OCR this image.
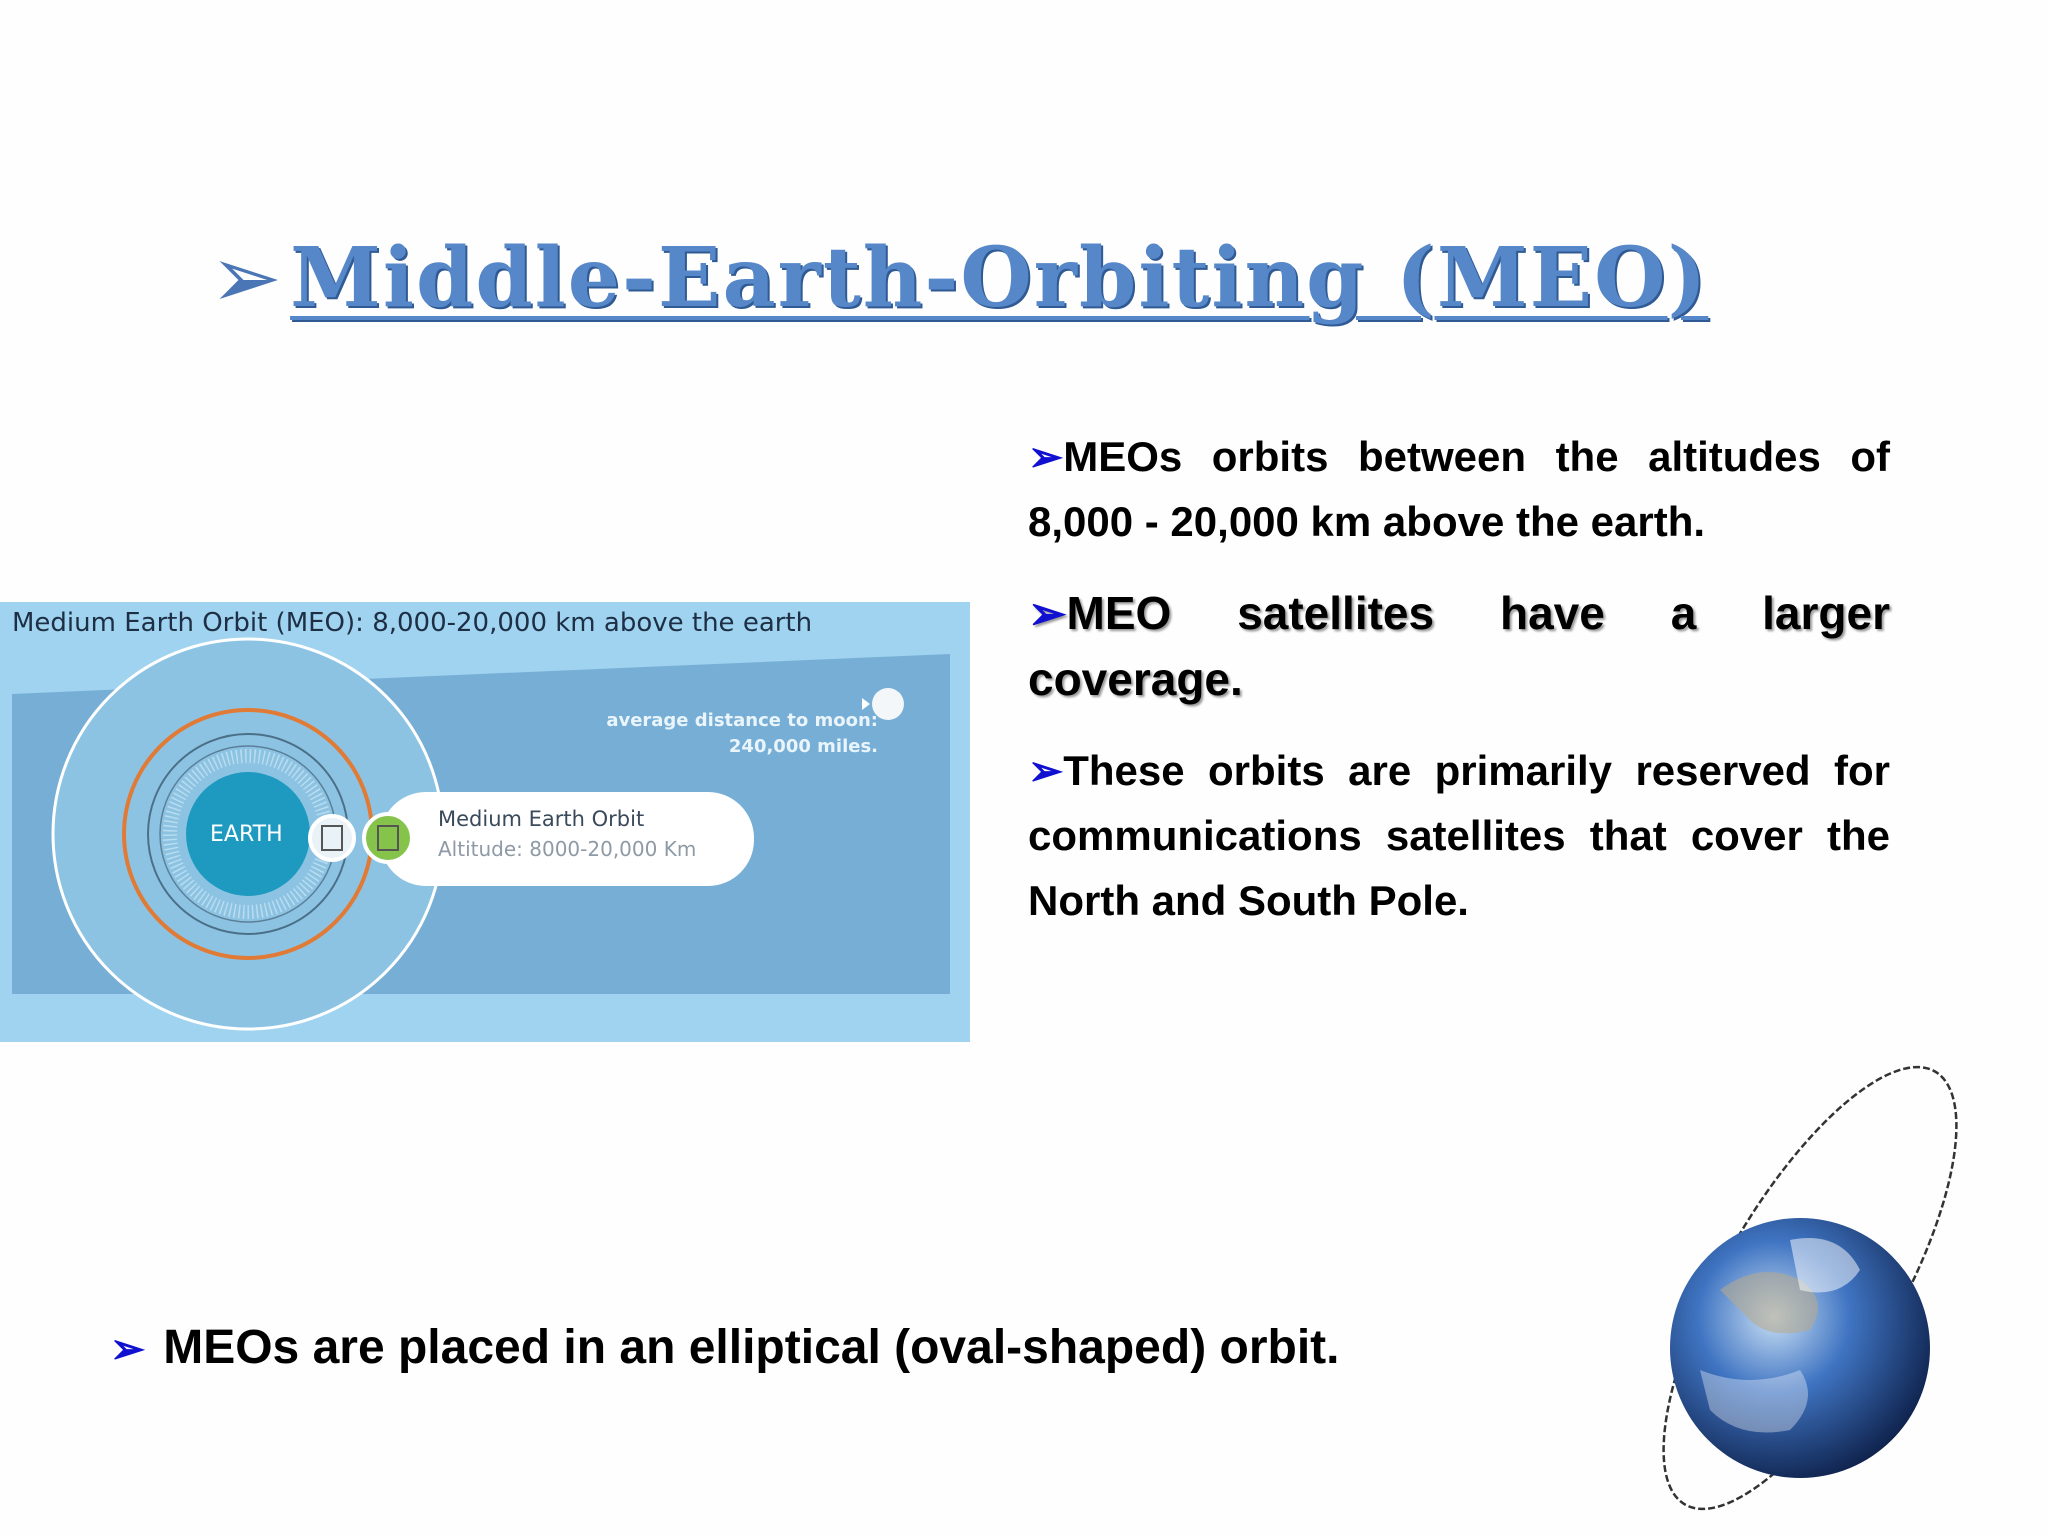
➢ Middle-Earth-Orbiting (MEO)
Medium Earth Orbit (MEO): 8,000-20,000 km above the earth
EARTH
average distance to moon:
240,000 miles.
Medium Earth Orbit
Altitude: 8000-20,000 Km

➢MEOs orbits between the altitudes of 8,000 - 20,000 km above the earth.

➢MEO satellites have a larger coverage.

➢These orbits are primarily reserved for communications satellites that cover the North and South Pole.

➢ MEOs are placed in an elliptical (oval-shaped) orbit.
